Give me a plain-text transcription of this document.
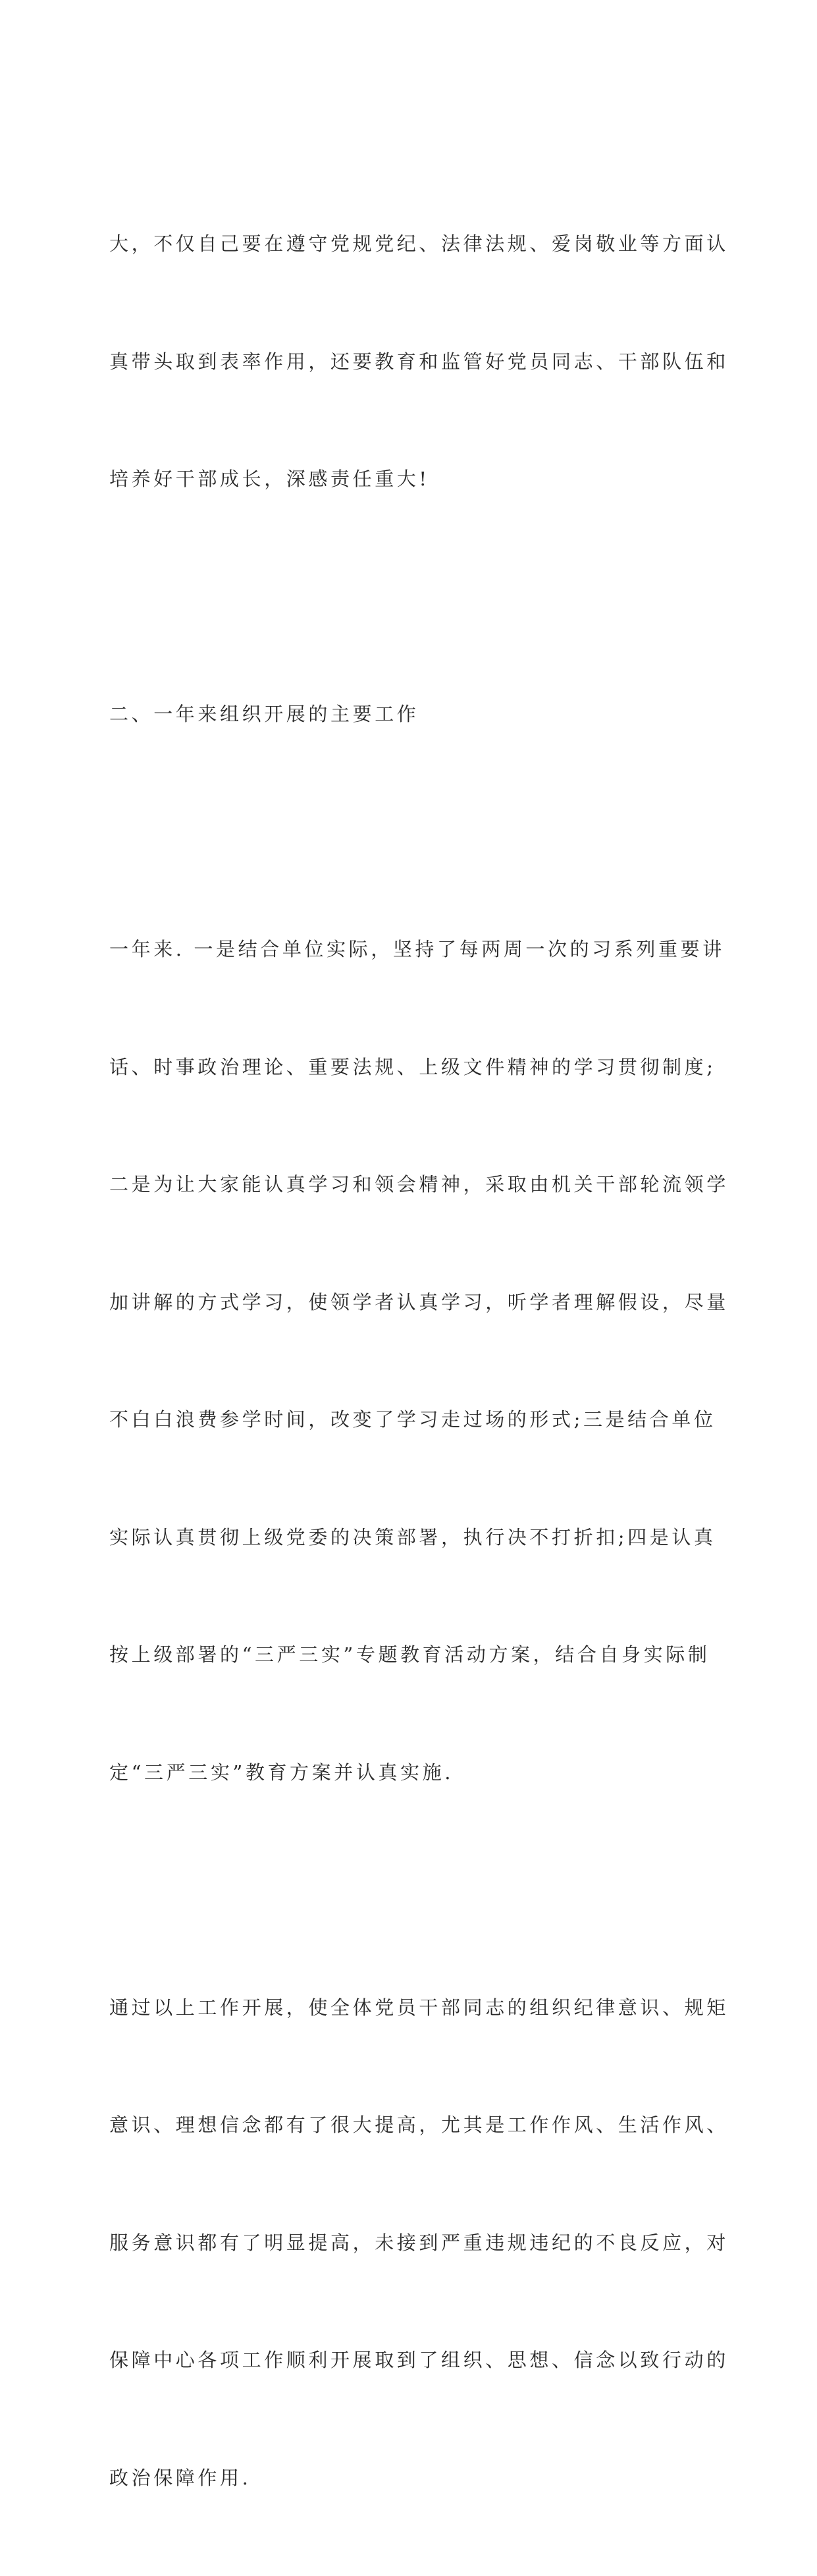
大，不仅自己要在遵守党规党纪、法律法规、爱岗敬业等方面认

真带头取到表率作用，还要教育和监管好党员同志、干部队伍和

培养好干部成长，深感责任重大!

二、一年来组织开展的主要工作

一年来. 一是结合单位实际，坚持了每两周一次的习系列重要讲

话、时事政治理论、重要法规、上级文件精神的学习贯彻制度;

二是为让大家能认真学习和领会精神，采取由机关干部轮流领学

加讲解的方式学习，使领学者认真学习，听学者理解假设，尽量

不白白浪费参学时间，改变了学习走过场的形式;三是结合单位

实际认真贯彻上级党委的决策部署，执行决不打折扣;四是认真

按上级部署的“三严三实”专题教育活动方案，结合自身实际制

定“三严三实”教育方案并认真实施.

通过以上工作开展，使全体党员干部同志的组织纪律意识、规矩

意识、理想信念都有了很大提高，尤其是工作作风、生活作风、

服务意识都有了明显提高，未接到严重违规违纪的不良反应，对

保障中心各项工作顺利开展取到了组织、思想、信念以致行动的

政治保障作用.
